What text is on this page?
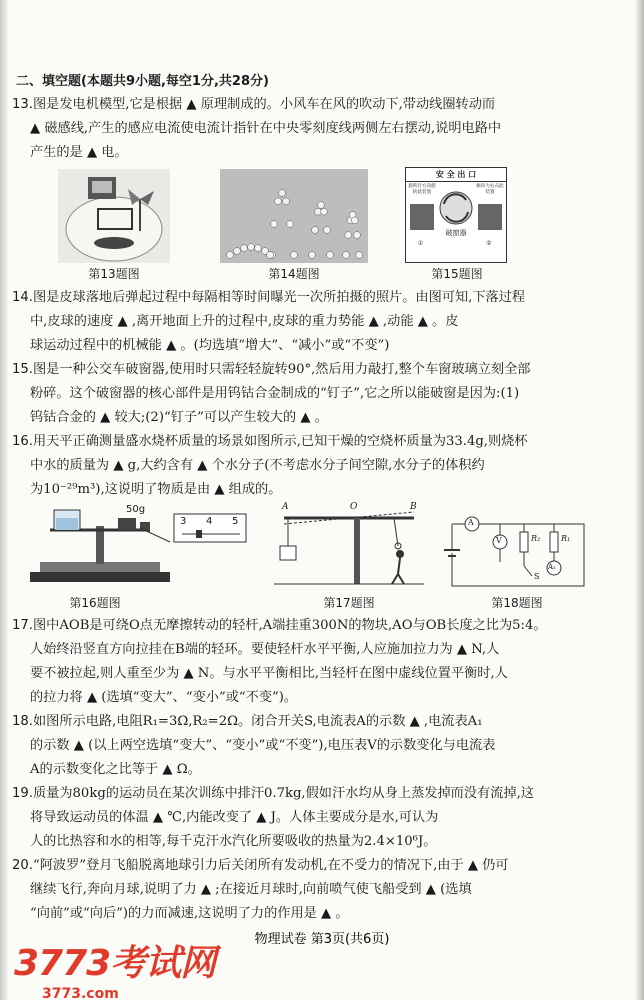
二、填空题(本题共9小题,每空1分,共28分)
13.图是发电机模型,它是根据 ▲ 原理制成的。小风车在风的吹动下,带动线圈转动而
▲ 磁感线,产生的感应电流使电流计指针在中央零刻度线两侧左右摆动,说明电路中
产生的是 ▲ 电。
第13题图	第14题图
安 全 出 口
旋转针方向旋转此装置
砸向力右击此装置
破窗器
①	②
第15题图
14.图是皮球落地后弹起过程中每隔相等时间曝光一次所拍摄的照片。由图可知,下落过程
中,皮球的速度 ▲ ,离开地面上升的过程中,皮球的重力势能 ▲ ,动能 ▲ 。皮
球运动过程中的机械能 ▲ 。(均选填“增大”、“减小”或“不变”)
15.图是一种公交车破窗器,使用时只需轻轻旋转90°,然后用力敲打,整个车窗玻璃立刻全部
粉碎。这个破窗器的核心部件是用钨钴合金制成的“钉子”,它之所以能破窗是因为:(1)
钨钴合金的 ▲ 较大;(2)“钉子”可以产生较大的 ▲ 。
16.用天平正确测量盛水烧杯质量的场景如图所示,已知干燥的空烧杯质量为33.4g,则烧杯
中水的质量为 ▲ g,大约含有 ▲ 个水分子(不考虑水分子间空隙,水分子的体积约
为10⁻²⁹m³),这说明了物质是由 ▲ 组成的。
50g
3 4 5
第16题图
A	O	B
第17题图
A
V	R₂	R₁
S
A₁
第18题图
17.图中AOB是可绕O点无摩擦转动的轻杆,A端挂重300N的物块,AO与OB长度之比为5:4。
人始终沿竖直方向拉挂在B端的轻环。要使轻杆水平平衡,人应施加拉力为 ▲ N,人
要不被拉起,则人重至少为 ▲ N。与水平平衡相比,当轻杆在图中虚线位置平衡时,人
的拉力将 ▲ (选填“变大”、“变小”或“不变”)。
18.如图所示电路,电阻R₁=3Ω,R₂=2Ω。闭合开关S,电流表A的示数 ▲ ,电流表A₁
的示数 ▲ (以上两空选填“变大”、“变小”或“不变”),电压表V的示数变化与电流表
A的示数变化之比等于 ▲ Ω。
19.质量为80kg的运动员在某次训练中排汗0.7kg,假如汗水均从身上蒸发掉而没有流掉,这
将导致运动员的体温 ▲ ℃,内能改变了 ▲ J。人体主要成分是水,可认为
人的比热容和水的相等,每千克汗水汽化所要吸收的热量为2.4×10⁶J。
20.“阿波罗”登月飞船脱离地球引力后关闭所有发动机,在不受力的情况下,由于 ▲ 仍可
继续飞行,奔向月球,说明了力 ▲ ;在接近月球时,向前喷气使飞船受到 ▲ (选填
“向前”或“向后”)的力而减速,这说明了力的作用是 ▲ 。
物理试卷 第3页(共6页)
3773考试网
3773.com
